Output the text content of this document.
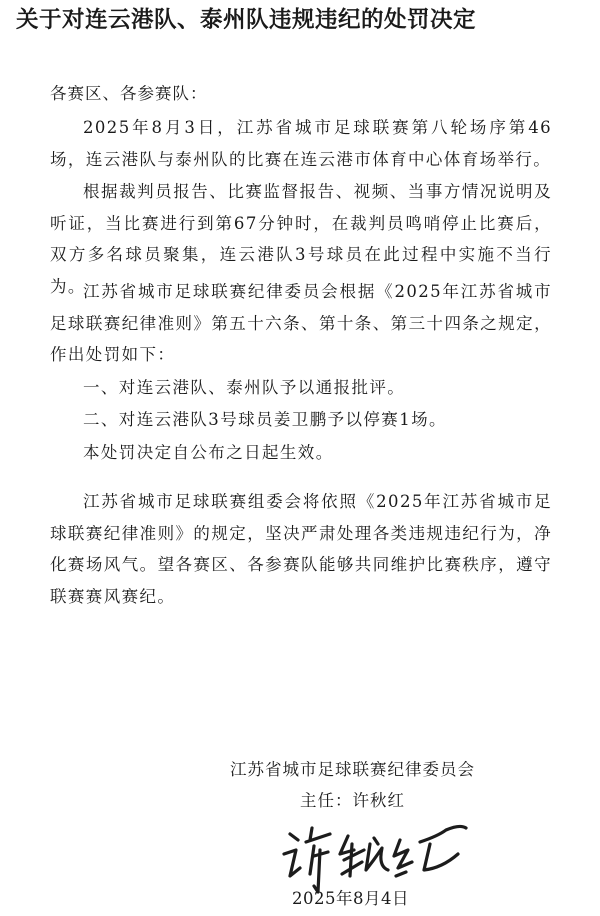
关于对连云港队、泰州队违规违纪的处罚决定
各赛区、各参赛队：
2025年8月3日，江苏省城市足球联赛第八轮场序第46场，连云港队与泰州队的比赛在连云港市体育中心体育场举行。
根据裁判员报告、比赛监督报告、视频、当事方情况说明及听证，当比赛进行到第67分钟时，在裁判员鸣哨停止比赛后，双方多名球员聚集，连云港队3号球员在此过程中实施不当行为。
江苏省城市足球联赛纪律委员会根据《2025年江苏省城市足球联赛纪律准则》第五十六条、第十条、第三十四条之规定，作出处罚如下：
一、对连云港队、泰州队予以通报批评。
二、对连云港队3号球员姜卫鹏予以停赛1场。
本处罚决定自公布之日起生效。
江苏省城市足球联赛组委会将依照《2025年江苏省城市足球联赛纪律准则》的规定，坚决严肃处理各类违规违纪行为，净化赛场风气。望各赛区、各参赛队能够共同维护比赛秩序，遵守联赛赛风赛纪。
江苏省城市足球联赛纪律委员会
主任：许秋红
2025年8月4日
